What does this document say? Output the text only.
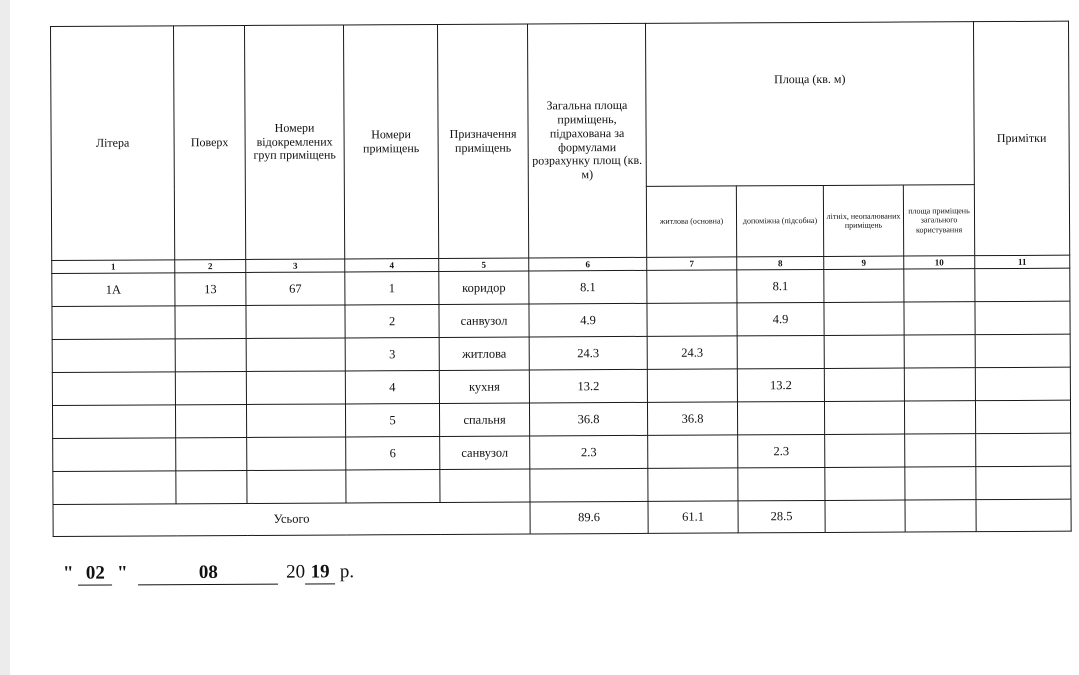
Літера	Поверх	Номери відокремлених груп приміщень	Номери приміщень	Призначення приміщень	Загальна площа приміщень, підрахована за формулами розрахунку площ (кв. м)	Площа (кв. м)				Примітки
						житлова (основна)	допоміжна (підсобна)	літніх, неопалюваних приміщень	площа приміщень загального користування	
1	2	3	4	5	6	7	8	9	10	11
1А	13	67	1	коридор	8.1		8.1			
			2	санвузол	4.9		4.9			
			3	житлова	24.3	24.3				
			4	кухня	13.2		13.2			
			5	спальня	36.8	36.8				
			6	санвузол	2.3		2.3			

Усього					89.6	61.1	28.5			
" 02 "	08	20 19 р.
